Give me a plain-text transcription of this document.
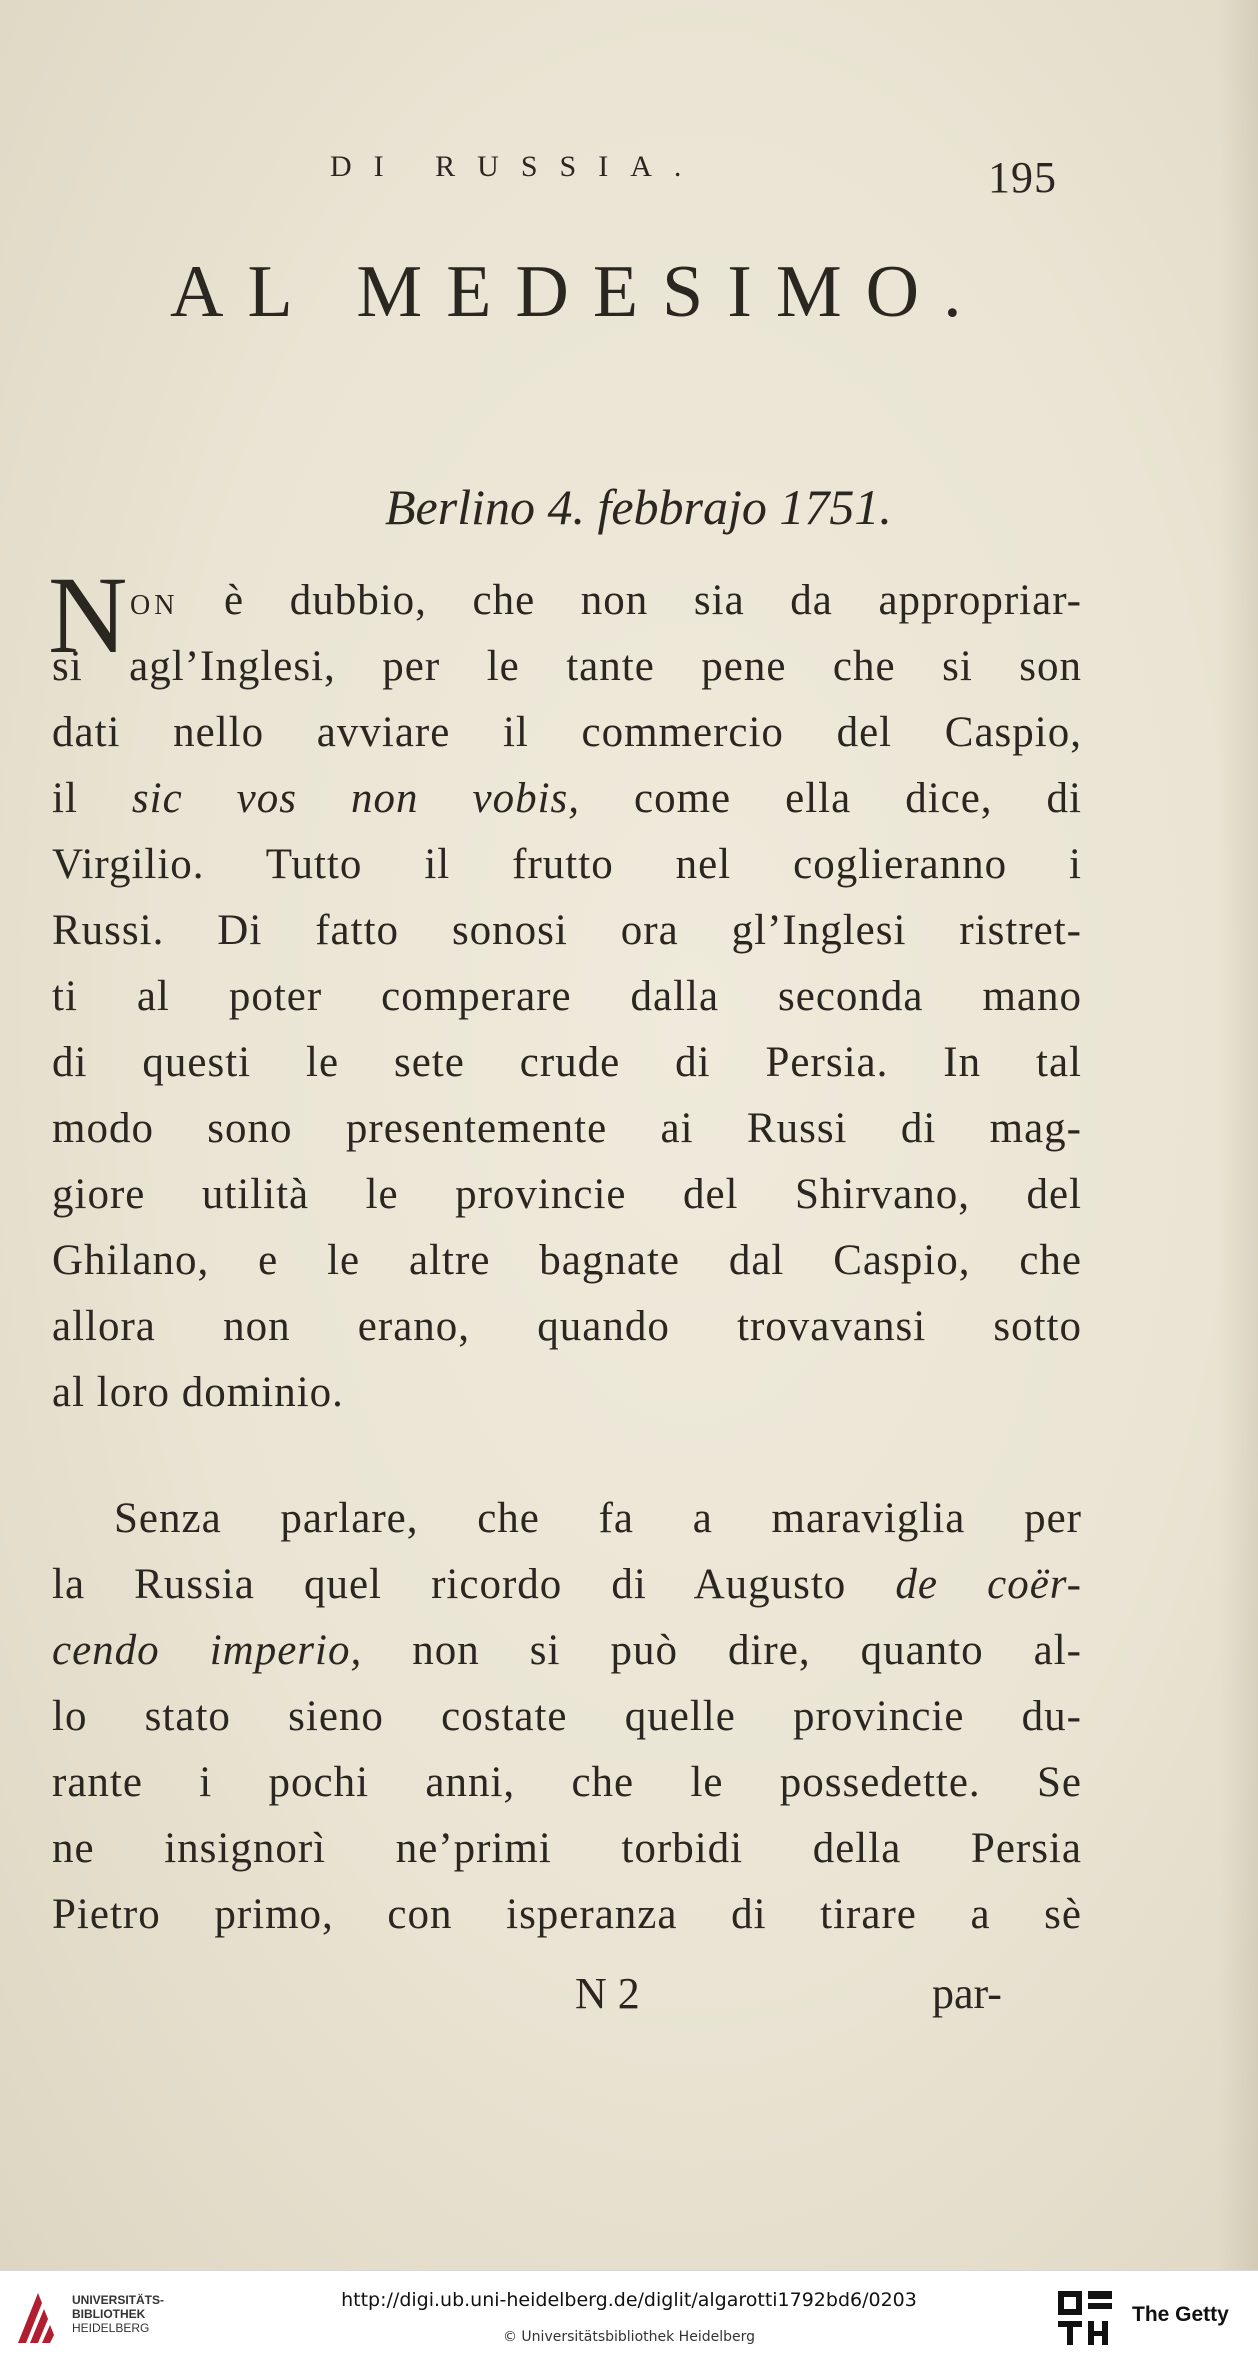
DI RUSSIA.	195
AL MEDESIMO.
Berlino 4. febbrajo 1751.
N ON è dubbio, che non sia da appropriar-
si agl’Inglesi, per le tante pene che si son
dati nello avviare il commercio del Caspio,
il sic vos non vobis, come ella dice, di
Virgilio. Tutto il frutto nel coglieranno i
Russi. Di fatto sonosi ora gl’Inglesi ristret-
ti al poter comperare dalla seconda mano
di questi le sete crude di Persia. In tal
modo sono presentemente ai Russi di mag-
giore utilità le provincie del Shirvano, del
Ghilano, e le altre bagnate dal Caspio, che
allora non erano, quando trovavansi sotto
al loro dominio.
Senza parlare, che fa a maraviglia per
la Russia quel ricordo di Augusto de coër-
cendo imperio, non si può dire, quanto al-
lo stato sieno costate quelle provincie du-
rante i pochi anni, che le possedette. Se
ne insignorì ne’primi torbidi della Persia
Pietro primo, con isperanza di tirare a sè
N 2	par-
UNIVERSITÄTS-
BIBLIOTHEK
HEIDELBERG
http://digi.ub.uni-heidelberg.de/diglit/algarotti1792bd6/0203
© Universitätsbibliothek Heidelberg
The Getty
